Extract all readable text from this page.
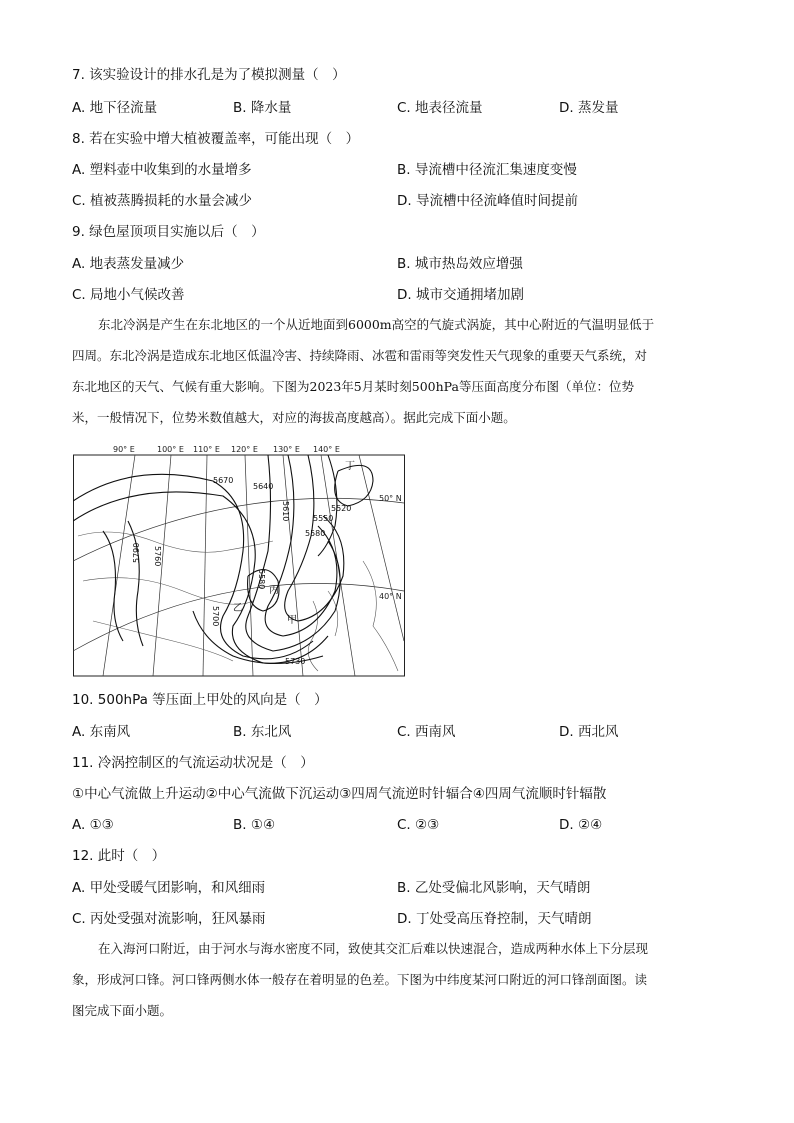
7. 该实验设计的排水孔是为了模拟测量（　）
A. 地下径流量	B. 降水量	C. 地表径流量	D. 蒸发量
8. 若在实验中增大植被覆盖率，可能出现（　）
A. 塑料壶中收集到的水量增多	B. 导流槽中径流汇集速度变慢
C. 植被蒸腾损耗的水量会减少	D. 导流槽中径流峰值时间提前
9. 绿色屋顶项目实施以后（　）
A. 地表蒸发量减少	B. 城市热岛效应增强
C. 局地小气候改善	D. 城市交通拥堵加剧
东北冷涡是产生在东北地区的一个从近地面到6000m高空的气旋式涡旋，其中心附近的气温明显低于
四周。东北冷涡是造成东北地区低温冷害、持续降雨、冰雹和雷雨等突发性天气现象的重要天气系统，对
东北地区的天气、气候有重大影响。下图为2023年5月某时刻500hPa等压面高度分布图（单位：位势
米，一般情况下，位势米数值越大，对应的海拔高度越高）。据此完成下面小题。
90° E	100° E 110° E 120° E 130° E 140° E
50° N
40° N
5670
5640
5610
5580
5550
5520
5580
5760
5790
5700
5730
甲
乙
丙
丁
10. 500hPa 等压面上甲处的风向是（　）
A. 东南风	B. 东北风	C. 西南风	D. 西北风
11. 冷涡控制区的气流运动状况是（　）
①中心气流做上升运动②中心气流做下沉运动③四周气流逆时针辐合④四周气流顺时针辐散
A. ①③	B. ①④	C. ②③	D. ②④
12. 此时（　）
A. 甲处受暖气团影响，和风细雨	B. 乙处受偏北风影响，天气晴朗
C. 丙处受强对流影响，狂风暴雨	D. 丁处受高压脊控制，天气晴朗
在入海河口附近，由于河水与海水密度不同，致使其交汇后难以快速混合，造成两种水体上下分层现
象，形成河口锋。河口锋两侧水体一般存在着明显的色差。下图为中纬度某河口附近的河口锋剖面图。读
图完成下面小题。
